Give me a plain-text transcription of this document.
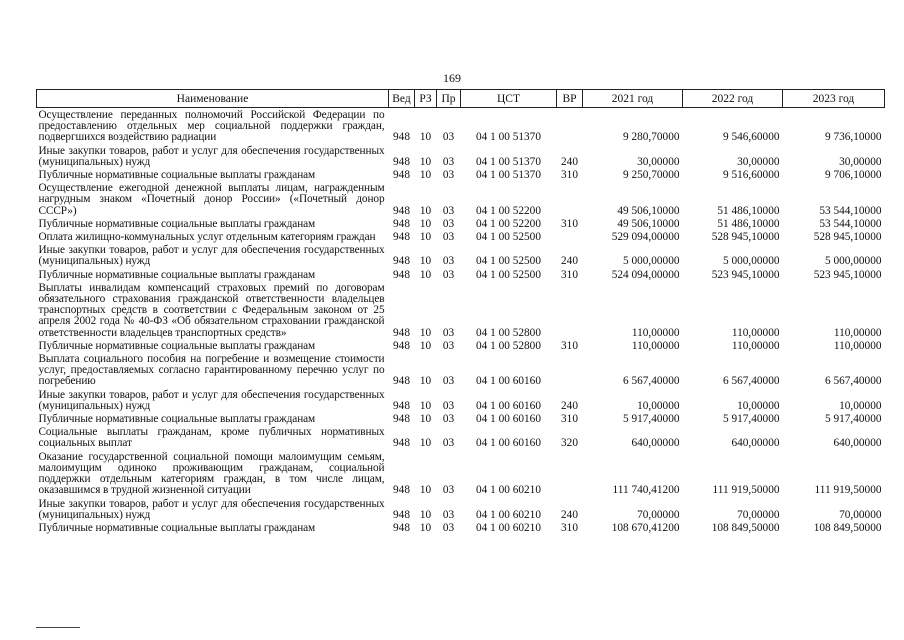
169
Наименование	Вед	РЗ	Пр	ЦСТ	ВР	2021 год	2022 год	2023 год
Осуществление переданных полномочий Российской Федерации по предоставлению отдельных мер социальной поддержки граждан, подвергшихся воздействию радиации	948	10	03	04 1 00 51370		9 280,70000	9 546,60000	9 736,10000
Иные закупки товаров, работ и услуг для обеспечения государственных (муниципальных) нужд	948	10	03	04 1 00 51370	240	30,00000	30,00000	30,00000
Публичные нормативные социальные выплаты гражданам	948	10	03	04 1 00 51370	310	9 250,70000	9 516,60000	9 706,10000
Осуществление ежегодной денежной выплаты лицам, награжденным нагрудным знаком «Почетный донор России» («Почетный донор СССР»)	948	10	03	04 1 00 52200		49 506,10000	51 486,10000	53 544,10000
Публичные нормативные социальные выплаты гражданам	948	10	03	04 1 00 52200	310	49 506,10000	51 486,10000	53 544,10000
Оплата жилищно-коммунальных услуг отдельным категориям граждан	948	10	03	04 1 00 52500		529 094,00000	528 945,10000	528 945,10000
Иные закупки товаров, работ и услуг для обеспечения государственных (муниципальных) нужд	948	10	03	04 1 00 52500	240	5 000,00000	5 000,00000	5 000,00000
Публичные нормативные социальные выплаты гражданам	948	10	03	04 1 00 52500	310	524 094,00000	523 945,10000	523 945,10000
Выплаты инвалидам компенсаций страховых премий по договорам обязательного страхования гражданской ответственности владельцев транспортных средств в соответствии с Федеральным законом от 25 апреля 2002 года № 40-ФЗ «Об обязательном страховании гражданской ответственности владельцев транспортных средств»	948	10	03	04 1 00 52800		110,00000	110,00000	110,00000
Публичные нормативные социальные выплаты гражданам	948	10	03	04 1 00 52800	310	110,00000	110,00000	110,00000
Выплата социального пособия на погребение и возмещение стоимости услуг, предоставляемых согласно гарантированному перечню услуг по погребению	948	10	03	04 1 00 60160		6 567,40000	6 567,40000	6 567,40000
Иные закупки товаров, работ и услуг для обеспечения государственных (муниципальных) нужд	948	10	03	04 1 00 60160	240	10,00000	10,00000	10,00000
Публичные нормативные социальные выплаты гражданам	948	10	03	04 1 00 60160	310	5 917,40000	5 917,40000	5 917,40000
Социальные выплаты гражданам, кроме публичных нормативных социальных выплат	948	10	03	04 1 00 60160	320	640,00000	640,00000	640,00000
Оказание государственной социальной помощи малоимущим семьям, малоимущим одиноко проживающим гражданам, социальной поддержки отдельным категориям граждан, в том числе лицам, оказавшимся в трудной жизненной ситуации	948	10	03	04 1 00 60210		111 740,41200	111 919,50000	111 919,50000
Иные закупки товаров, работ и услуг для обеспечения государственных (муниципальных) нужд	948	10	03	04 1 00 60210	240	70,00000	70,00000	70,00000
Публичные нормативные социальные выплаты гражданам	948	10	03	04 1 00 60210	310	108 670,41200	108 849,50000	108 849,50000
